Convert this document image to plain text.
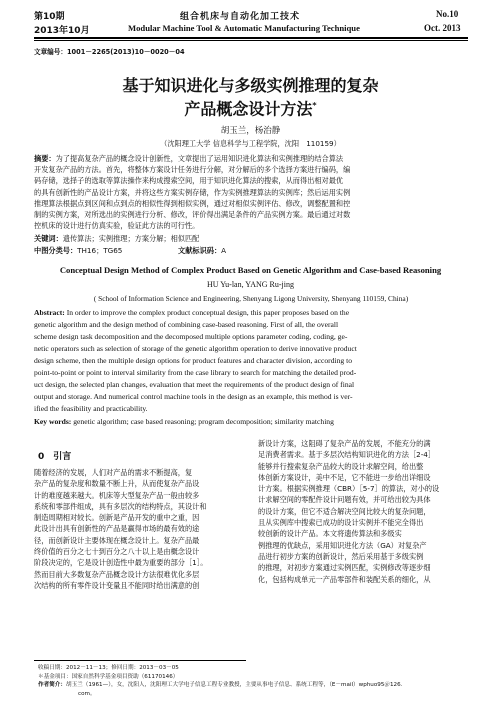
第10期	组合机床与自动化加工技术	No.10
2013年10月	Modular Machine Tool & Automatic Manufacturing Technique	Oct. 2013
文章编号：1001－2265(2013)10－0020－04
基于知识进化与多级实例推理的复杂
产品概念设计方法*
胡玉兰，杨治静
（沈阳理工大学 信息科学与工程学院，沈阳　110159）
摘要：为了提高复杂产品的概念设计创新性，文章提出了运用知识进化算法和实例推理的结合算法
开发复杂产品的方法。首先，将整体方案设计任务进行分解，对分解后的多个选择方案进行编码，编
码存储，选择子的选取等算法操作来构成搜索空间，用于知识进化算法的搜索，从而得出相对最优
的具有创新性的产品设计方案，并将这些方案实例存储，作为实例推理算法的实例库；然后运用实例
推理算法根据点到区间和点到点的相似性得到相似实例，通过对相似实例评估、修改，调整配置和控
制的实例方案，对所选出的实例进行分析、修改，评价得出满足条件的产品实例方案。最后通过对数
控机床的设计进行仿真实验，验证此方法的可行性。
关键词：遗传算法；实例推理；方案分解；相似匹配
中图分类号：TH16；TG65	文献标识码：A
Conceptual Design Method of Complex Product Based on Genetic Algorithm and Case-based Reasoning
HU Yu-lan, YANG Ru-jing
( School of Information Science and Engineering, Shenyang Ligong University, Shenyang 110159, China)
Abstract: In order to improve the complex product conceptual design, this paper proposes based on the
genetic algorithm and the design method of combining case-based reasoning. First of all, the overall
scheme design task decomposition and the decomposed multiple options parameter coding, coding, ge-
netic operators such as selection of storage of the genetic algorithm operation to derive innovative product
design scheme, then the multiple design options for product features and character division, according to
point-to-point or point to interval similarity from the case library to search for matching the detailed prod-
uct design, the selected plan changes, evaluation that meet the requirements of the product design of final
output and storage. And numerical control machine tools in the design as an example, this method is ver-
ified the feasibility and practicability.
Key words: genetic algorithm; case based reasoning; program decomposition; similarity matching
0　引言
随着经济的发展，人们对产品的需求不断提高，复
杂产品的复杂度和数量不断上升，从而使复杂产品设
计的难度越来越大。机床等大型复杂产品一般由较多
系统和零部件组成，具有多层次的结构特点，其设计和
制造周期相对较长。创新是产品开发的重中之重，因
此设计出具有创新性的产品是赢得市场的最有效的途
径，而创新设计主要体现在概念设计上。复杂产品最
终价值的百分之七十到百分之八十以上是由概念设计
阶段决定的，它是设计创造性中最为重要的部分［1］。
然而目前大多数复杂产品概念设计方法很难优化多层
次结构的所有零件设计变量且不能同时给出满意的创
新设计方案，这阻碍了复杂产品的发展，不能充分的满
足消费者需求。基于多层次结构知识进化的方法［2-4］
能够并行搜索复杂产品较大的设计求解空间，给出整
体创新方案设计，美中不足，它不能进一步给出详细设
计方案。根据实例推理（CBR）［5-7］的算法，对小的设
计求解空间的零配件设计问题有效，并可给出较为具体
的设计方案，但它不适合解决空间比较大的复杂问题，
且从实例库中搜索已成功的设计实例并不能完全得出
较创新的设计产品。本文将遗传算法和多级实
例推理的优缺点，采用知识进化方法（GA）对复杂产
品进行初步方案的创新设计，然后采用基于多级实例
的推理，对初步方案通过实例匹配，实例修改等逐步细
化，包括构成单元一产品零部件和装配关系的细化，从
收稿日期：2012－11－13；修回日期：2013－03－05
＊基金项目：国家自然科学基金项目资助（61170146）
作者简介：胡玉兰（1961—），女，沈阳人，沈阳理工大学电子信息工程专业教授，主要从事电子信息、系统工程等，（E－mail）wphuo95＠126.
com。
